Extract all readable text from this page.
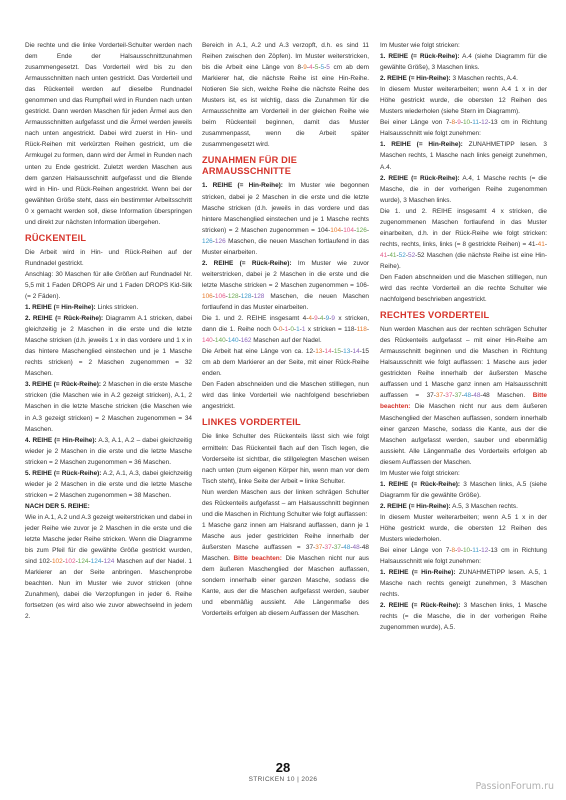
Die rechte und die linke Vorderteil-Schulter werden nach dem Ende der Halsausschnittzunahmen zusammengesetzt. Das Vorderteil wird bis zu den Armausschnitten nach unten gestrickt. Das Vorderteil und das Rückenteil werden auf dieselbe Rundnadel genommen und das Rumpfteil wird in Runden nach unten gestrickt. Dann werden Maschen für jeden Ärmel aus den Armausschnitten aufgefasst und die Ärmel werden jeweils nach unten angestrickt. Dabei wird zuerst in Hin- und Rück-Reihen mit verkürzten Reihen gestrickt, um die Armkugel zu formen, dann wird der Ärmel in Runden nach unten zu Ende gestrickt. Zuletzt werden Maschen aus dem ganzen Halsausschnitt aufgefasst und die Blende wird in Hin- und Rück-Reihen angestrickt. Wenn bei der gewählten Größe steht, dass ein bestimmter Arbeitsschritt 0 x gemacht werden soll, diese Information überspringen und direkt zur nächsten Information übergehen.

RÜCKENTEIL

Die Arbeit wird in Hin- und Rück-Reihen auf der Rundnadel gestrickt.

Anschlag: 30 Maschen für alle Größen auf Rundnadel Nr. 5,5 mit 1 Faden DROPS Air und 1 Faden DROPS Kid-Silk (= 2 Fäden).

1. REIHE (= Hin-Reihe): Links stricken.

2. REIHE (= Rück-Reihe): Diagramm A.1 stricken, dabei gleichzeitig je 2 Maschen in die erste und die letzte Masche stricken (d.h. jeweils 1 x in das vordere und 1 x in das hintere Maschenglied einstechen und je 1 Masche rechts stricken) = 2 Maschen zugenommen = 32 Maschen.

3. REIHE (= Rück-Reihe): 2 Maschen in die erste Masche stricken (die Maschen wie in A.2 gezeigt stricken), A.1, 2 Maschen in die letzte Masche stricken (die Maschen wie in A.3 gezeigt stricken) = 2 Maschen zugenommen = 34 Maschen.

4. REIHE (= Hin-Reihe): A.3, A.1, A.2 – dabei gleichzeitig wieder je 2 Maschen in die erste und die letzte Masche stricken = 2 Maschen zugenommen = 36 Maschen.

5. REIHE (= Rück-Reihe): A.2, A.1, A.3, dabei gleichzeitig wieder je 2 Maschen in die erste und die letzte Masche stricken = 2 Maschen zugenommen = 38 Maschen.

NACH DER 5. REIHE:

Wie in A.1, A.2 und A.3 gezeigt weiterstricken und dabei in jeder Reihe wie zuvor je 2 Maschen in die erste und die letzte Masche jeder Reihe stricken. Wenn die Diagramme bis zum Pfeil für die gewählte Größe gestrickt wurden, sind 102-102-102-124-124-124 Maschen auf der Nadel. 1 Markierer an der Seite anbringen. Maschenprobe beachten. Nun im Muster wie zuvor stricken (ohne Zunahmen), dabei die Verzopfungen in jeder 6. Reihe fortsetzen (es wird also wie zuvor abwechselnd in jedem 2.

Bereich in A.1, A.2 und A.3 verzopft, d.h. es sind 11 Reihen zwischen den Zöpfen). Im Muster weiterstricken, bis die Arbeit eine Länge von 8-9-4-5-5-5 cm ab dem Markierer hat, die nächste Reihe ist eine Hin-Reihe. Notieren Sie sich, welche Reihe die nächste Reihe des Musters ist, es ist wichtig, dass die Zunahmen für die Armausschnitte am Vorderteil in der gleichen Reihe wie beim Rückenteil beginnen, damit das Muster zusammenpasst, wenn die Arbeit später zusammengesetzt wird.

ZUNAHMEN FÜR DIE ARMAUSSCHNITTE

1. REIHE (= Hin-Reihe): Im Muster wie begonnen stricken, dabei je 2 Maschen in die erste und die letzte Masche stricken (d.h. jeweils in das vordere und das hintere Maschenglied einstechen und je 1 Masche rechts stricken) = 2 Maschen zugenommen = 104-104-104-126-126-126 Maschen, die neuen Maschen fortlaufend in das Muster einarbeiten.

2. REIHE (= Rück-Reihe): Im Muster wie zuvor weiterstricken, dabei je 2 Maschen in die erste und die letzte Masche stricken = 2 Maschen zugenommen = 106-106-106-128-128-128 Maschen, die neuen Maschen fortlaufend in das Muster einarbeiten.

Die 1. und 2. REIHE insgesamt 4-4-9-4-9-9 x stricken, dann die 1. Reihe noch 0-0-1-0-1-1 x stricken = 118-118-140-140-140-162 Maschen auf der Nadel.

Die Arbeit hat eine Länge von ca. 12-13-14-15-13-14-15 cm ab dem Markierer an der Seite, mit einer Rück-Reihe enden.

Den Faden abschneiden und die Maschen stilllegen, nun wird das linke Vorderteil wie nachfolgend beschrieben angestrickt.

LINKES VORDERTEIL

Die linke Schulter des Rückenteils lässt sich wie folgt ermitteln: Das Rückenteil flach auf den Tisch legen, die Vorderseite ist sichtbar, die stillgelegten Maschen weisen nach unten (zum eigenen Körper hin, wenn man vor dem Tisch steht), linke Seite der Arbeit = linke Schulter.

Nun werden Maschen aus der linken schrägen Schulter des Rückenteils aufgefasst – am Halsausschnitt beginnen und die Maschen in Richtung Schulter wie folgt auffassen:

1 Masche ganz innen am Halsrand auffassen, dann je 1 Masche aus jeder gestrickten Reihe innerhalb der äußersten Masche auffassen = 37-37-37-37-48-48-48 Maschen. Bitte beachten: Die Maschen nicht nur aus dem äußeren Maschenglied der Maschen auffassen, sondern innerhalb einer ganzen Masche, sodass die Kante, aus der die Maschen aufgefasst werden, sauber und ebenmäßig aussieht. Alle Längenmaße des Vorderteils erfolgen ab diesem Auffassen der Maschen.

Im Muster wie folgt stricken:

1. REIHE (= Rück-Reihe): A.4 (siehe Diagramm für die gewählte Größe), 3 Maschen links.

2. REIHE (= Hin-Reihe): 3 Maschen rechts, A.4.

In diesem Muster weiterarbeiten; wenn A.4 1 x in der Höhe gestrickt wurde, die obersten 12 Reihen des Musters wiederholen (siehe Stern im Diagramm).

Bei einer Länge von 7-8-9-10-11-12-13 cm in Richtung Halsausschnitt wie folgt zunehmen:

1. REIHE (= Hin-Reihe): ZUNAHMETIPP lesen. 3 Maschen rechts, 1 Masche nach links geneigt zunehmen, A.4.

2. REIHE (= Rück-Reihe): A.4, 1 Masche rechts (= die Masche, die in der vorherigen Reihe zugenommen wurde), 3 Maschen links.

Die 1. und 2. REIHE insgesamt 4 x stricken, die zugenommenen Maschen fortlaufend in das Muster einarbeiten, d.h. in der Rück-Reihe wie folgt stricken: rechts, rechts, links, links (= 8 gestrickte Reihen) = 41-41-41-41-52-52-52 Maschen (die nächste Reihe ist eine Hin-Reihe).

Den Faden abschneiden und die Maschen stilllegen, nun wird das rechte Vorderteil an die rechte Schulter wie nachfolgend beschrieben angestrickt.

RECHTES VORDERTEIL

Nun werden Maschen aus der rechten schrägen Schulter des Rückenteils aufgefasst – mit einer Hin-Reihe am Armausschnitt beginnen und die Maschen in Richtung Halsausschnitt wie folgt auffassen: 1 Masche aus jeder gestrickten Reihe innerhalb der äußersten Masche auffassen und 1 Masche ganz innen am Halsausschnitt auffassen = 37-37-37-37-48-48-48 Maschen. Bitte beachten: Die Maschen nicht nur aus dem äußeren Maschenglied der Maschen auffassen, sondern innerhalb einer ganzen Masche, sodass die Kante, aus der die Maschen aufgefasst werden, sauber und ebenmäßig aussieht. Alle Längenmaße des Vorderteils erfolgen ab diesem Auffassen der Maschen.

Im Muster wie folgt stricken:

1. REIHE (= Rück-Reihe): 3 Maschen links, A.5 (siehe Diagramm für die gewählte Größe).

2. REIHE (= Hin-Reihe): A.5, 3 Maschen rechts.

In diesem Muster weiterarbeiten; wenn A.5 1 x in der Höhe gestrickt wurde, die obersten 12 Reihen des Musters wiederholen.

Bei einer Länge von 7-8-9-10-11-12-13 cm in Richtung Halsausschnitt wie folgt zunehmen:

1. REIHE (= Hin-Reihe): ZUNAHMETIPP lesen. A.5, 1 Masche nach rechts geneigt zunehmen, 3 Maschen rechts.

2. REIHE (= Rück-Reihe): 3 Maschen links, 1 Masche rechts (= die Masche, die in der vorherigen Reihe zugenommen wurde), A.5.

28
STRICKEN 10 | 2026
PassionForum.ru
